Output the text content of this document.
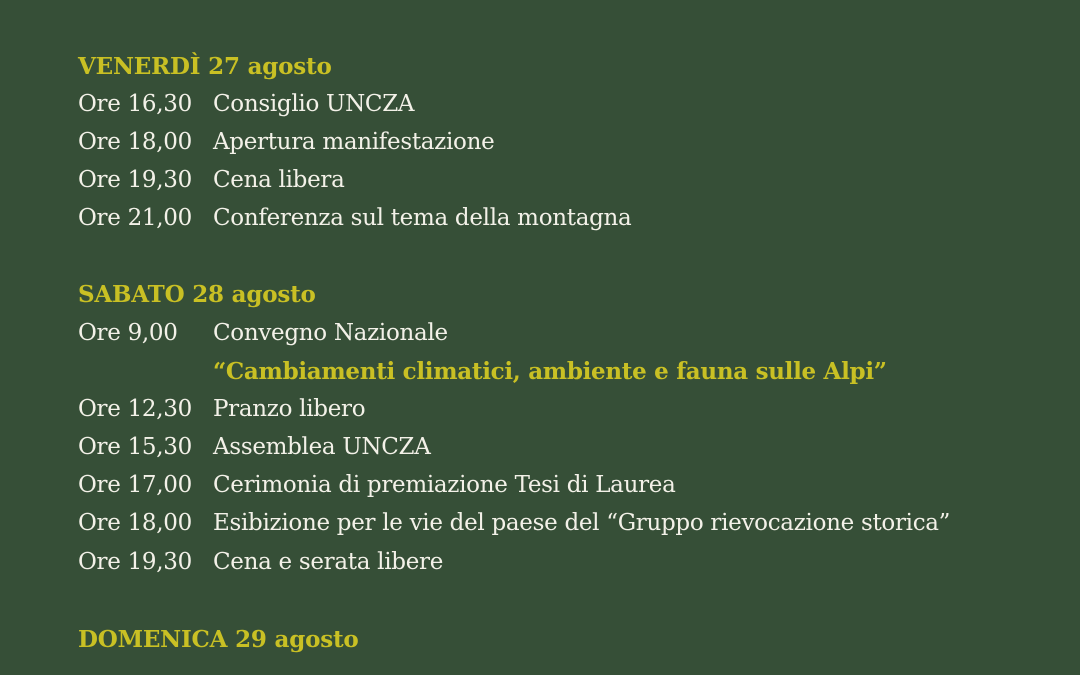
VENERDÌ 27 agosto
Ore 16,30 Consiglio UNCZA
Ore 18,00 Apertura manifestazione
Ore 19,30 Cena libera
Ore 21,00 Conferenza sul tema della montagna
SABATO 28 agosto
Ore 9,00 Convegno Nazionale
“Cambiamenti climatici, ambiente e fauna sulle Alpi”
Ore 12,30 Pranzo libero
Ore 15,30 Assemblea UNCZA
Ore 17,00 Cerimonia di premiazione Tesi di Laurea
Ore 18,00 Esibizione per le vie del paese del “Gruppo rievocazione storica”
Ore 19,30 Cena e serata libere
DOMENICA 29 agosto
